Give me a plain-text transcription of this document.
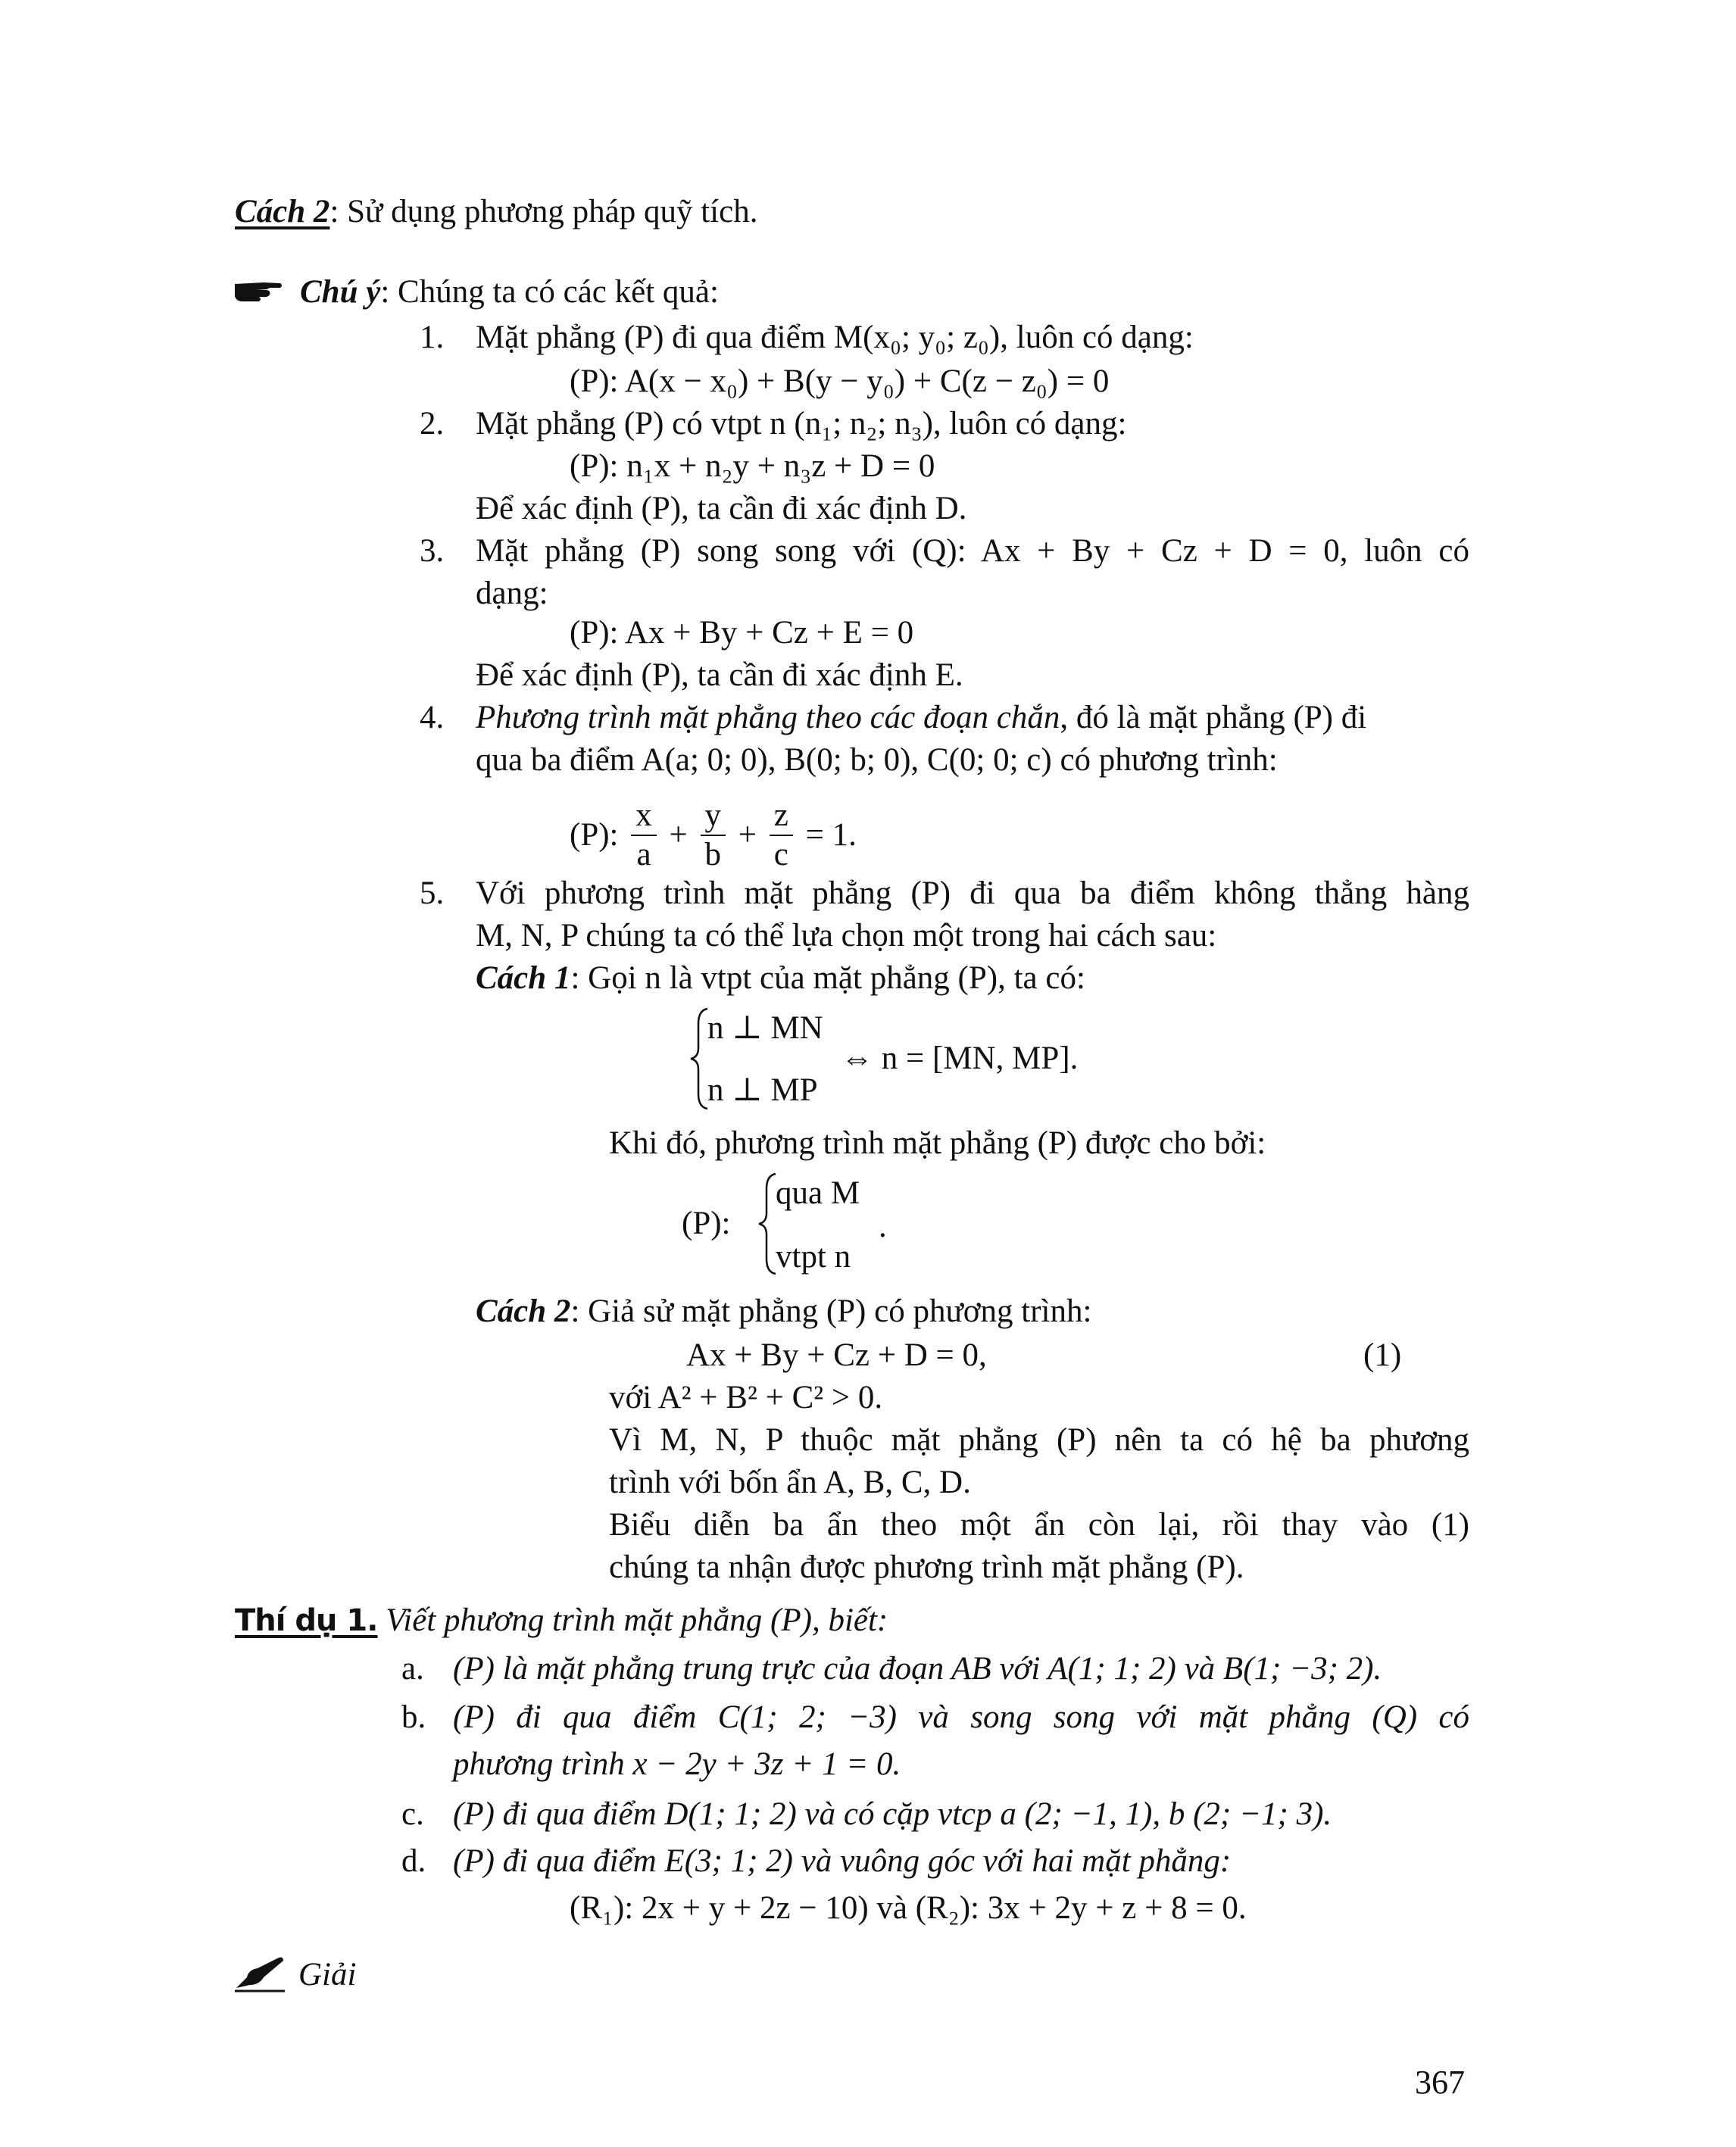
Cách 2: Sử dụng phương pháp quỹ tích.
Chú ý: Chúng ta có các kết quả:
1. Mặt phẳng (P) đi qua điểm M(x₀; y₀; z₀), luôn có dạng:
(P): A(x − x₀) + B(y − y₀) + C(z − z₀) = 0
2. Mặt phẳng (P) có vtpt n (n₁; n₂; n₃), luôn có dạng:
(P): n₁x + n₂y + n₃z + D = 0
Để xác định (P), ta cần đi xác định D.
3. Mặt phẳng (P) song song với (Q): Ax + By + Cz + D = 0, luôn có
dạng:
(P): Ax + By + Cz + E = 0
Để xác định (P), ta cần đi xác định E.
4. Phương trình mặt phẳng theo các đoạn chắn, đó là mặt phẳng (P) đi
qua ba điểm A(a; 0; 0), B(0; b; 0), C(0; 0; c) có phương trình:
(P): $\frac{x}{a} + \frac{y}{b} + \frac{z}{c} = 1$.
5. Với phương trình mặt phẳng (P) đi qua ba điểm không thẳng hàng
M, N, P chúng ta có thể lựa chọn một trong hai cách sau:
Cách 1: Gọi n là vtpt của mặt phẳng (P), ta có:
n ⊥ MN
n ⊥ MP
⇔ n = [MN, MP].
Khi đó, phương trình mặt phẳng (P) được cho bởi:
(P):
qua M
vtpt n
.
Cách 2: Giả sử mặt phẳng (P) có phương trình:
Ax + By + Cz + D = 0,	(1)
với A² + B² + C² > 0.
Vì M, N, P thuộc mặt phẳng (P) nên ta có hệ ba phương
trình với bốn ẩn A, B, C, D.
Biểu diễn ba ẩn theo một ẩn còn lại, rồi thay vào (1)
chúng ta nhận được phương trình mặt phẳng (P).
Thí dụ 1. Viết phương trình mặt phẳng (P), biết:
a. (P) là mặt phẳng trung trực của đoạn AB với A(1; 1; 2) và B(1; −3; 2).
b. (P) đi qua điểm C(1; 2; −3) và song song với mặt phẳng (Q) có
phương trình x − 2y + 3z + 1 = 0.
c. (P) đi qua điểm D(1; 1; 2) và có cặp vtcp a (2; −1, 1), b (2; −1; 3).
d. (P) đi qua điểm E(3; 1; 2) và vuông góc với hai mặt phẳng:
(R₁): 2x + y + 2z − 10) và (R₂): 3x + 2y + z + 8 = 0.
Giải
367
